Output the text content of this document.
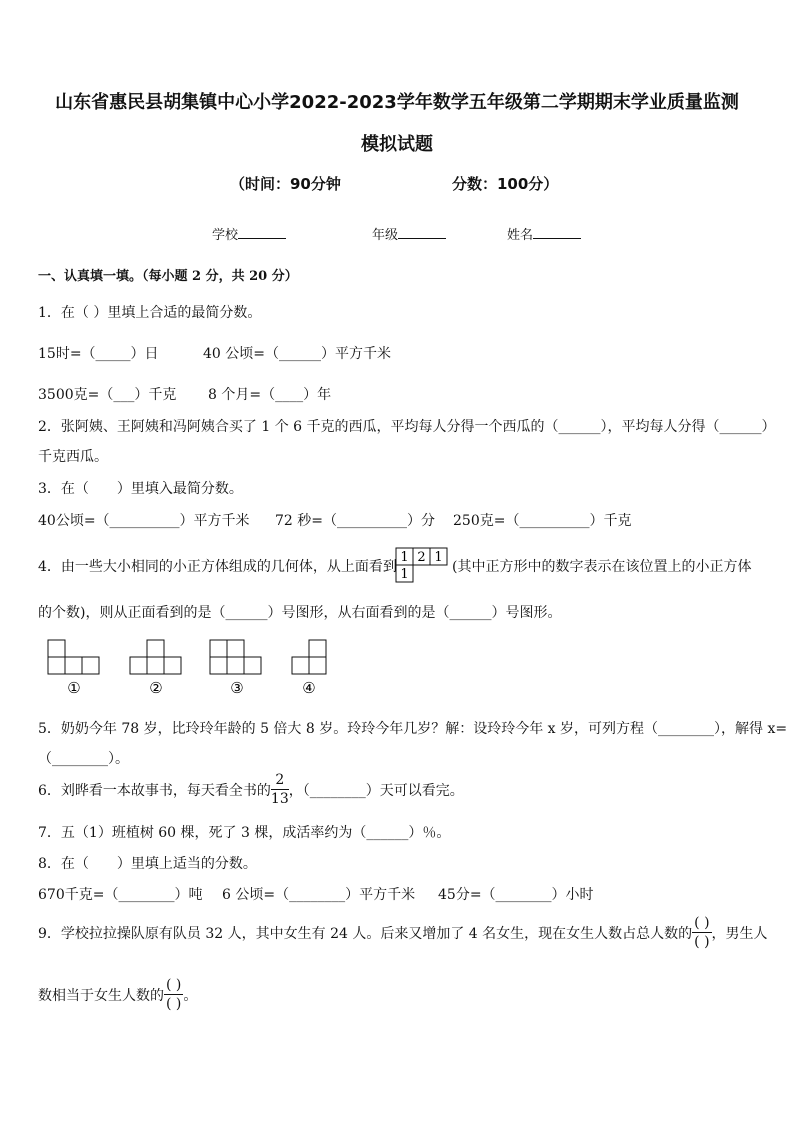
山东省惠民县胡集镇中心小学2022-2023学年数学五年级第二学期期末学业质量监测
模拟试题
（时间：90分钟	分数：100分）
学校	年级	姓名
一、认真填一填。（每小题 2 分，共 20 分）
1．在（ ）里填上合适的最简分数。
15时=（_____）日	40 公顷=（______）平方千米
3500克=（___）千克 8 个月=（____）年
2．张阿姨、王阿姨和冯阿姨合买了 1 个 6 千克的西瓜，平均每人分得一个西瓜的（______），平均每人分得（______）
千克西瓜。
3．在（　　）里填入最简分数。
40公顷=（__________）平方千米 72 秒=（__________）分 250克=（__________）千克
4．由一些大小相同的小正方体组成的几何体，从上面看到
1 2 1
1	(其中正方形中的数字表示在该位置上的小正方体
的个数)，则从正面看到的是（______）号图形，从右面看到的是（______）号图形。
①	②	③	④
5．奶奶今年 78 岁，比玲玲年龄的 5 倍大 8 岁。玲玲今年几岁？解：设玲玲今年 x 岁，可列方程（________），解得 x=
（________）。
6．刘晔看一本故事书，每天看全书的 $\frac{2}{13}$ ，（________）天可以看完。
7．五（1）班植树 60 棵，死了 3 棵，成活率约为（______）％。
8．在（　　）里填上适当的分数。
670千克=（________）吨 6 公顷=（________）平方千米 45分=（________）小时
9．学校拉拉操队原有队员 32 人，其中女生有 24 人。后来又增加了 4 名女生，现在女生人数占总人数的 $\frac{( )}{( )}$ ，男生人
数相当于女生人数的 $\frac{( )}{( )}$ 。
